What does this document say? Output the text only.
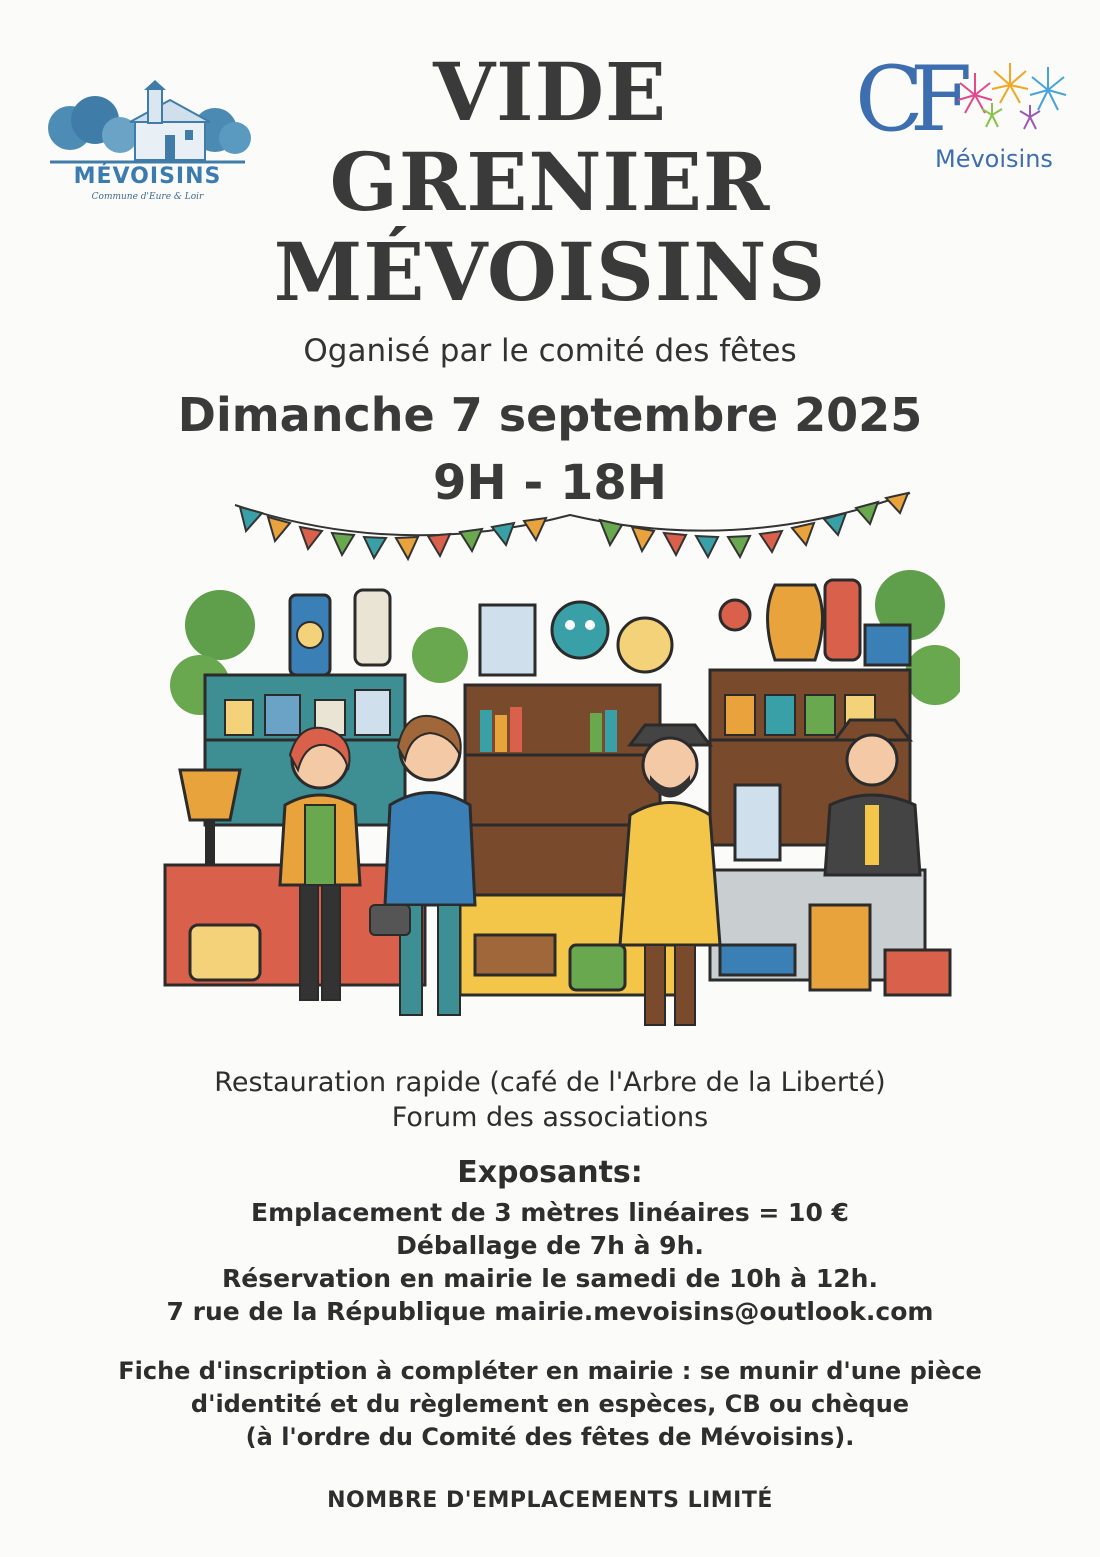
MÉVOISINS
Commune d'Eure & Loir
CF
Mévoisins
VIDE
GRENIER
MÉVOISINS
Oganisé par le comité des fêtes
Dimanche 7 septembre 2025
9H - 18H
Restauration rapide (café de l'Arbre de la Liberté)
Forum des associations
Exposants:
Emplacement de 3 mètres linéaires = 10 €
Déballage de 7h à 9h.
Réservation en mairie le samedi de 10h à 12h.
7 rue de la République mairie.mevoisins@outlook.com
Fiche d'inscription à compléter en mairie : se munir d'une pièce
d'identité et du règlement en espèces, CB ou chèque
(à l'ordre du Comité des fêtes de Mévoisins).
NOMBRE D'EMPLACEMENTS LIMITÉ
